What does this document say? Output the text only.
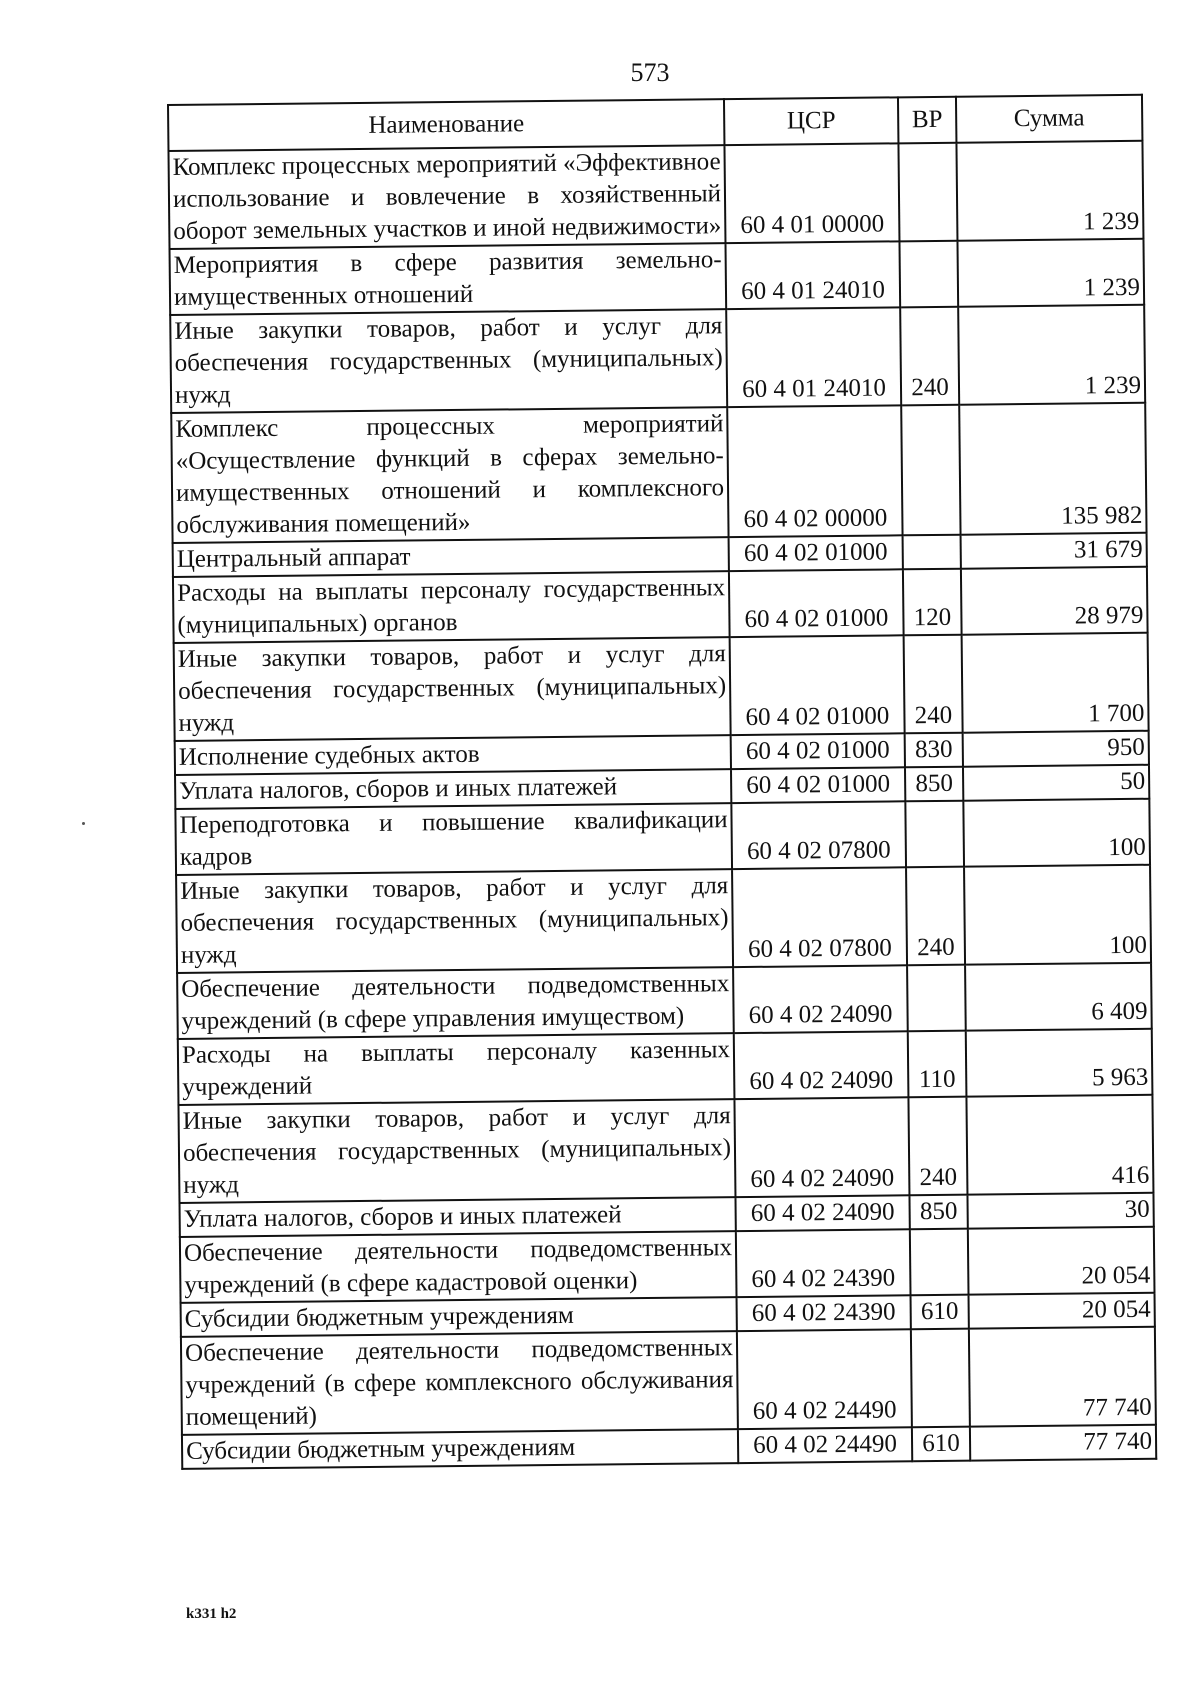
573
Наименование	ЦСР	ВР	Сумма
Комплекс процессных мероприятий «Эффективное использование и вовлечение в хозяйственный оборот земельных участков и иной недвижимости»	60 4 01 00000		1 239
Мероприятия в сфере развития земельно-имущественных отношений	60 4 01 24010		1 239
Иные закупки товаров, работ и услуг для обеспечения государственных (муниципальных) нужд	60 4 01 24010	240	1 239
Комплекс процессных мероприятий «Осуществление функций в сферах земельно-имущественных отношений и комплексного обслуживания помещений»	60 4 02 00000		135 982
Центральный аппарат	60 4 02 01000		31 679
Расходы на выплаты персоналу государственных (муниципальных) органов	60 4 02 01000	120	28 979
Иные закупки товаров, работ и услуг для обеспечения государственных (муниципальных) нужд	60 4 02 01000	240	1 700
Исполнение судебных актов	60 4 02 01000	830	950
Уплата налогов, сборов и иных платежей	60 4 02 01000	850	50
Переподготовка и повышение квалификации кадров	60 4 02 07800		100
Иные закупки товаров, работ и услуг для обеспечения государственных (муниципальных) нужд	60 4 02 07800	240	100
Обеспечение деятельности подведомственных учреждений (в сфере управления имуществом)	60 4 02 24090		6 409
Расходы на выплаты персоналу казенных учреждений	60 4 02 24090	110	5 963
Иные закупки товаров, работ и услуг для обеспечения государственных (муниципальных) нужд	60 4 02 24090	240	416
Уплата налогов, сборов и иных платежей	60 4 02 24090	850	30
Обеспечение деятельности подведомственных учреждений (в сфере кадастровой оценки)	60 4 02 24390		20 054
Субсидии бюджетным учреждениям	60 4 02 24390	610	20 054
Обеспечение деятельности подведомственных учреждений (в сфере комплексного обслуживания помещений)	60 4 02 24490		77 740
Субсидии бюджетным учреждениям	60 4 02 24490	610	77 740
k331 h2
